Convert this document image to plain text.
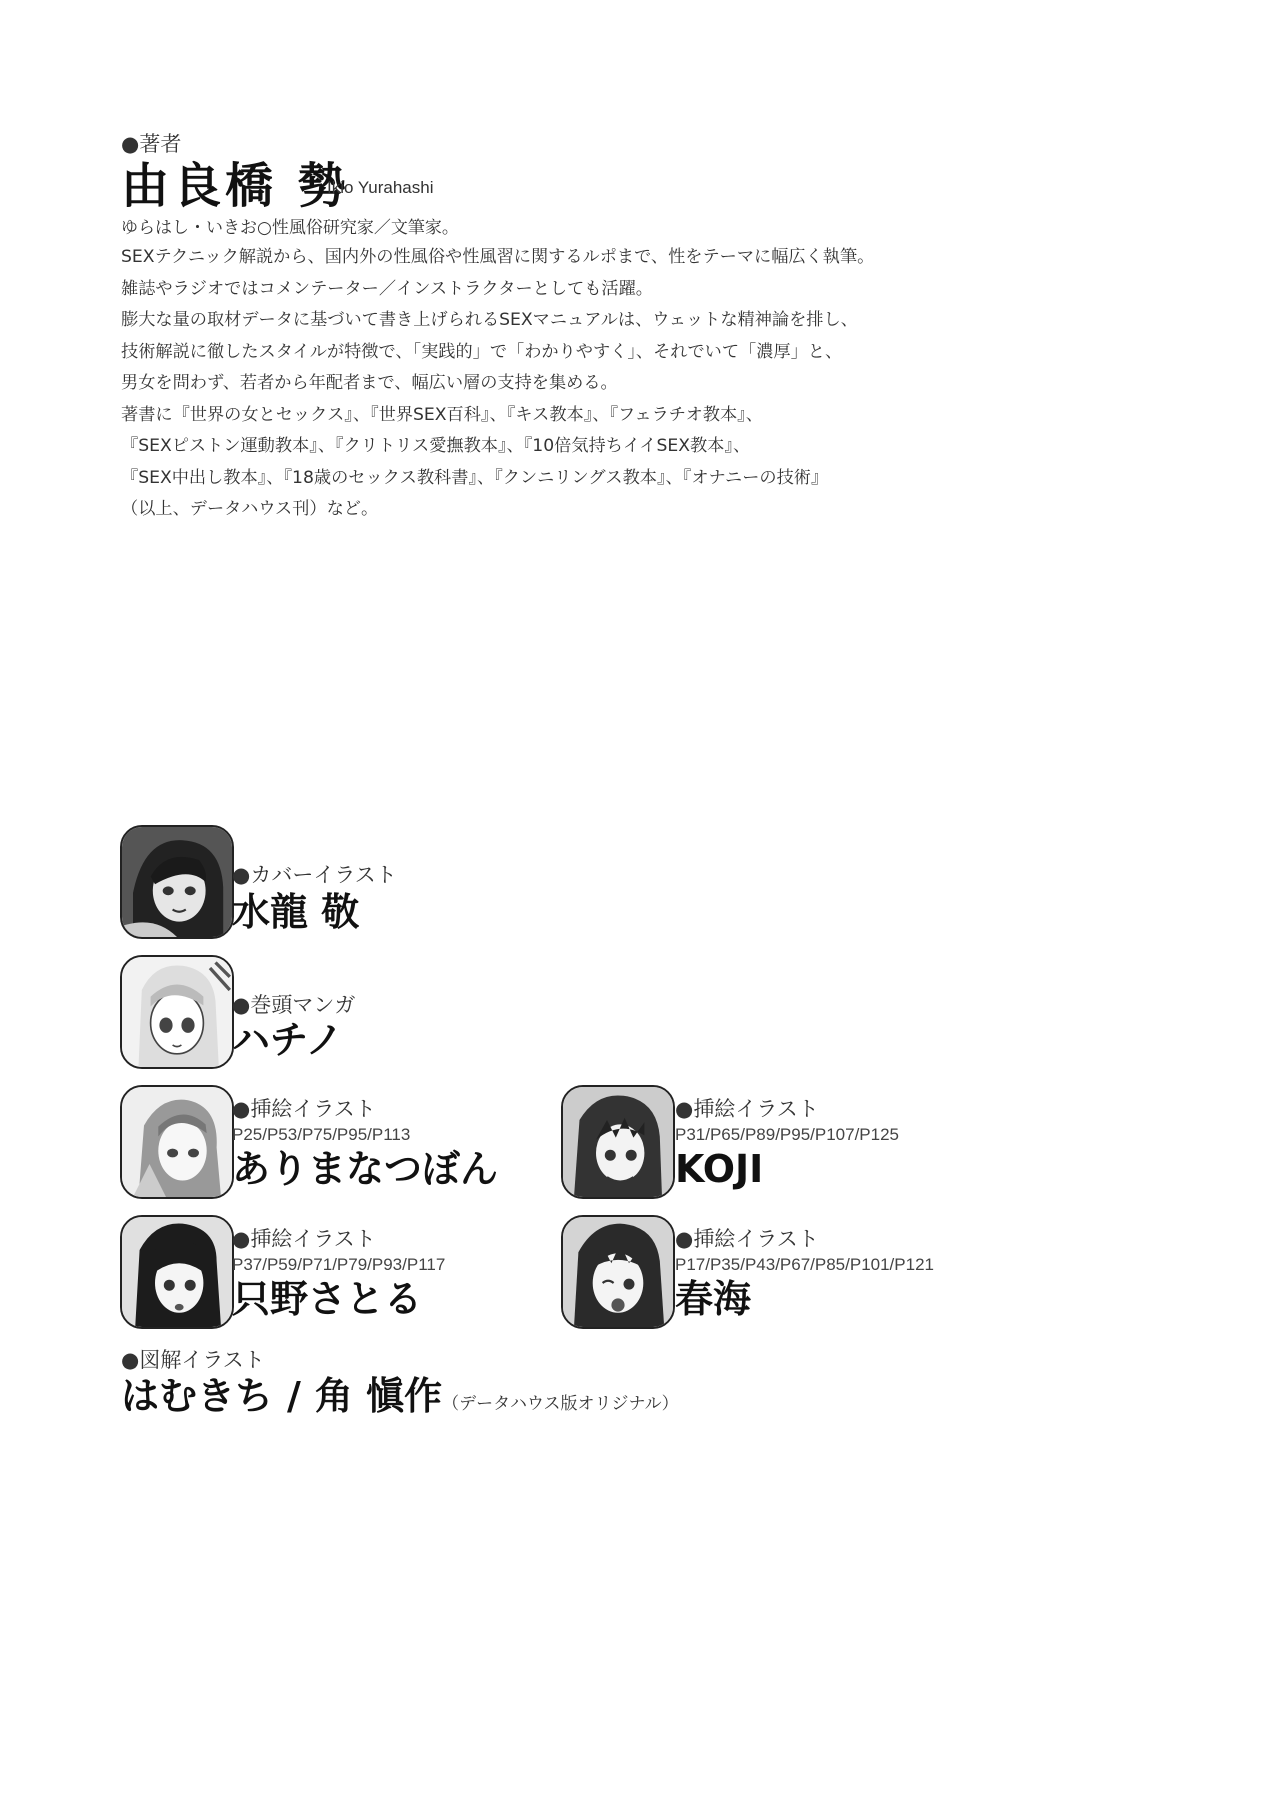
●著者
由良橋 勢
Ikio Yurahashi
ゆらはし・いきお○性風俗研究家／文筆家。

SEXテクニック解説から、国内外の性風俗や性風習に関するルポまで、性をテーマに幅広く執筆。

雑誌やラジオではコメンテーター／インストラクターとしても活躍。

膨大な量の取材データに基づいて書き上げられるSEXマニュアルは、ウェットな精神論を排し、

技術解説に徹したスタイルが特徴で、「実践的」で「わかりやすく」、それでいて「濃厚」と、

男女を問わず、若者から年配者まで、幅広い層の支持を集める。

著書に『世界の女とセックス』、『世界SEX百科』、『キス教本』、『フェラチオ教本』、

『SEXピストン運動教本』、『クリトリス愛撫教本』、『10倍気持ちイイSEX教本』、

『SEX中出し教本』、『18歳のセックス教科書』、『クンニリングス教本』、『オナニーの技術』

（以上、データハウス刊）など。

●カバーイラスト
水龍 敬
●巻頭マンガ
ハチノ
●挿絵イラスト
P25/P53/P75/P95/P113
ありまなつぼん
●挿絵イラスト
P31/P65/P89/P95/P107/P125
KOJI
●挿絵イラスト
P37/P59/P71/P79/P93/P117
只野さとる
●挿絵イラスト
P17/P35/P43/P67/P85/P101/P121
春海
●図解イラスト
はむきち / 角 愼作（データハウス版オリジナル）
